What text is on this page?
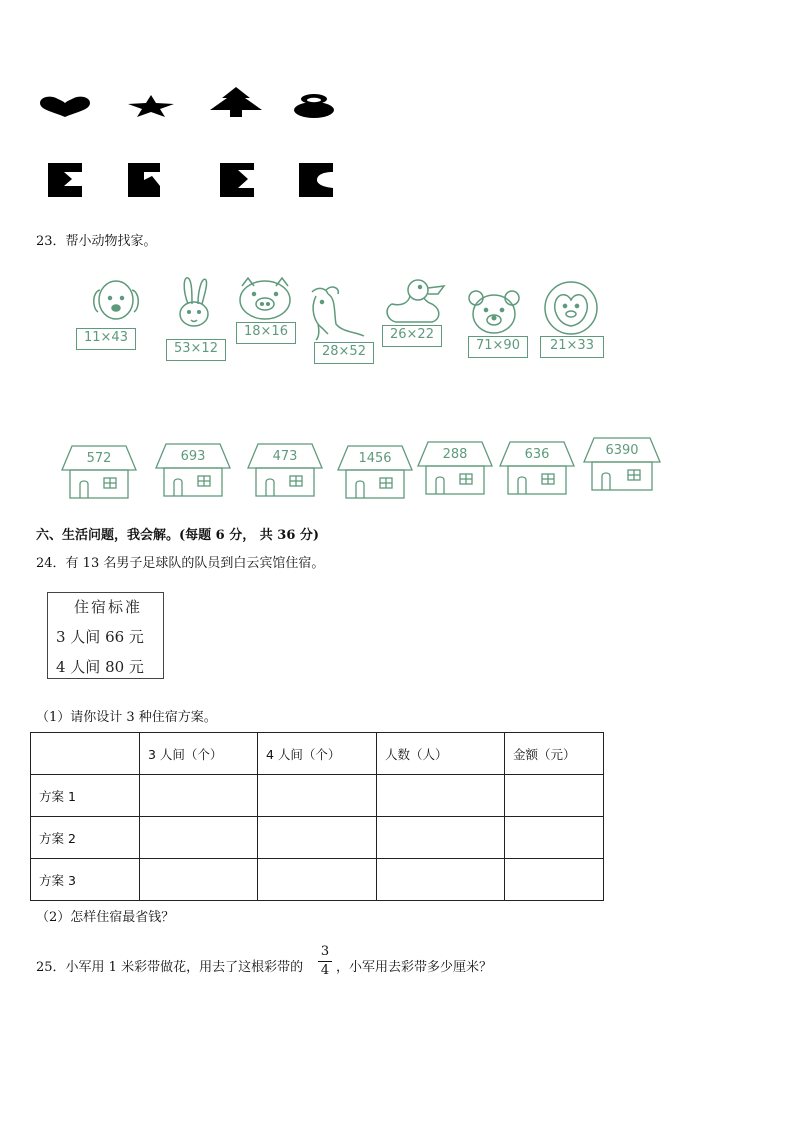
23．帮小动物找家。
11×43
53×12
18×16
28×52
26×22
71×90	21×33
572	693	473	1456	288	636	6390
六、生活问题，我会解。(每题 6 分， 共 36 分)
24．有 13 名男子足球队的队员到白云宾馆住宿。
住宿标准
3 人间 66 元
4 人间 80 元
（1）请你设计 3 种住宿方案。
	3 人间（个）	4 人间（个）	人数（人）	金额（元）
方案 1				
方案 2				
方案 3				
（2）怎样住宿最省钱？
25．小军用 1 米彩带做花，用去了这根彩带的
3
4 ，小军用去彩带多少厘米？
